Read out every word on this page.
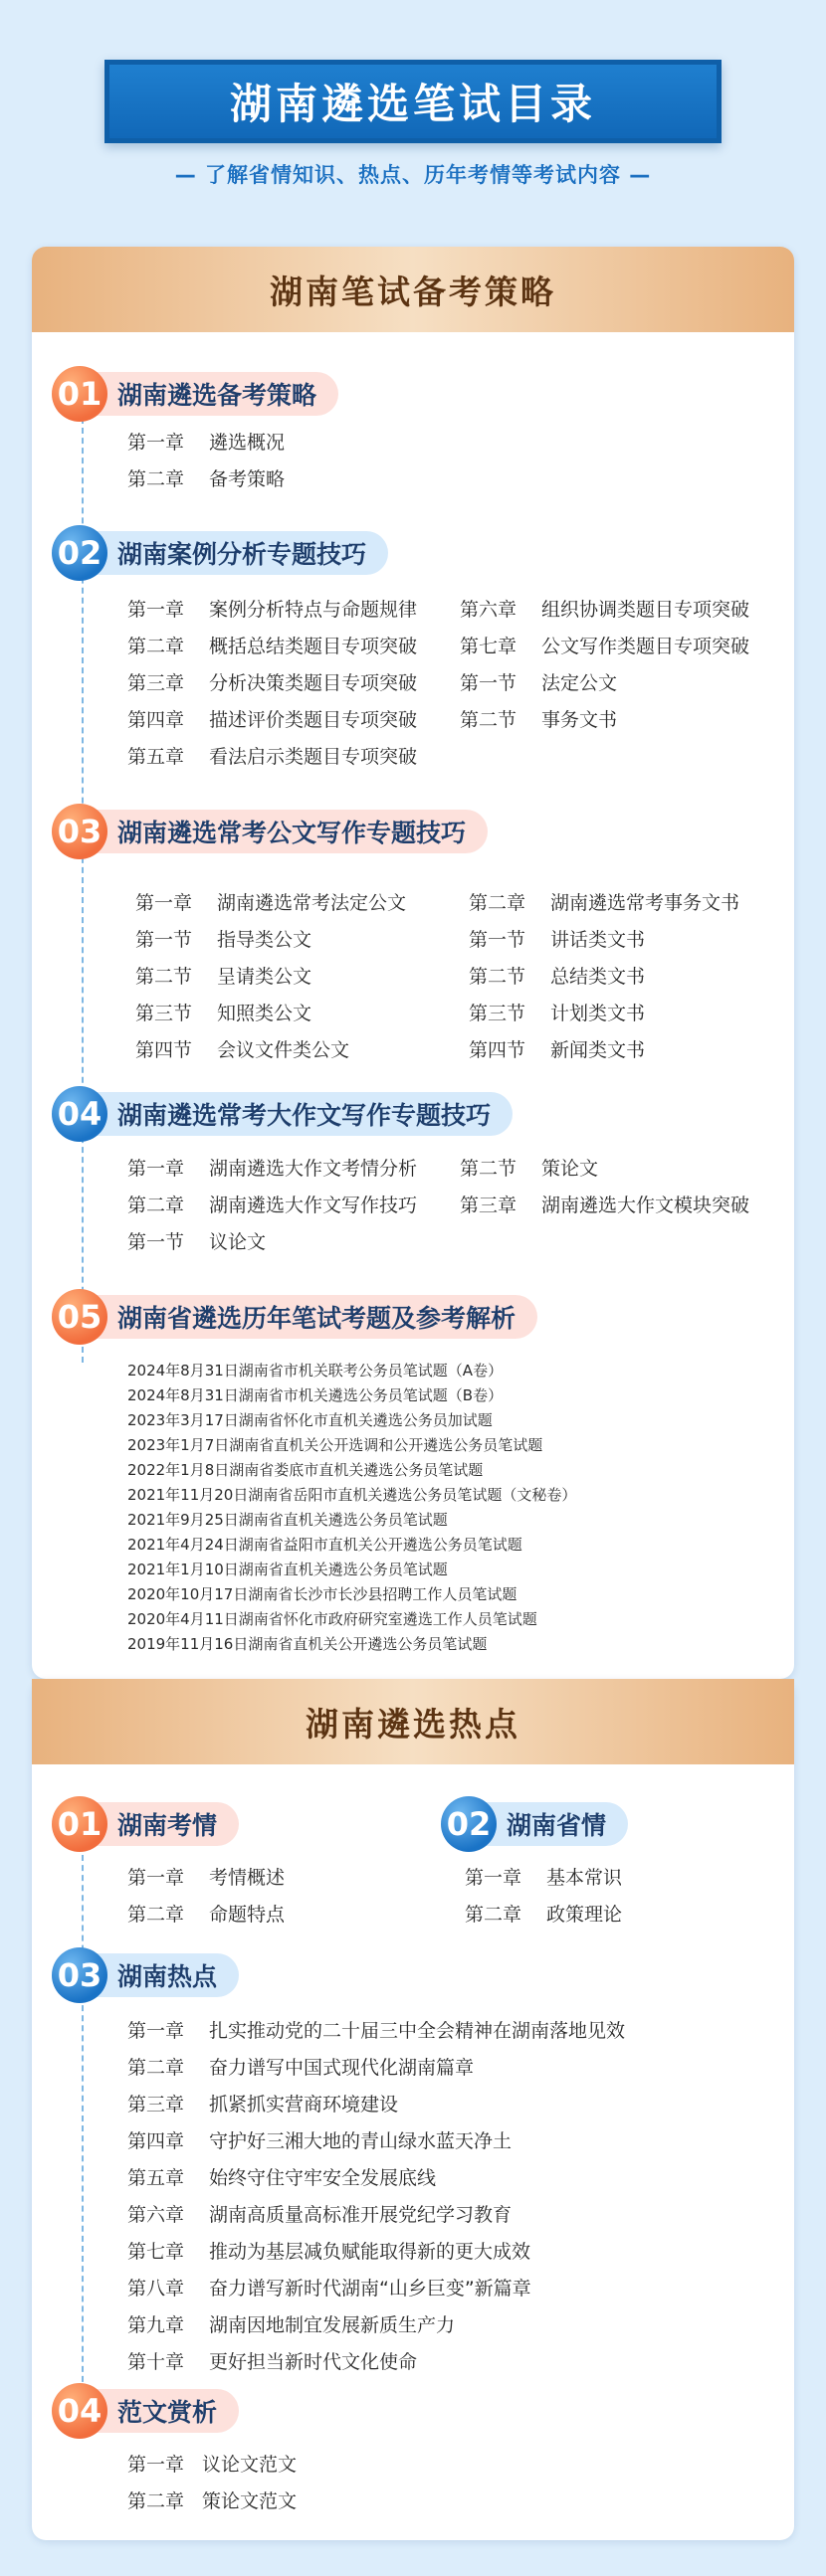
湖南遴选笔试目录
— 了解省情知识、热点、历年考情等考试内容 —
湖南笔试备考策略
湖南遴选热点
湖南遴选备考策略
01
第一章 遴选概况
第二章 备考策略
湖南案例分析专题技巧
02
第一章 案例分析特点与命题规律
第二章 概括总结类题目专项突破
第三章 分析决策类题目专项突破
第四章 描述评价类题目专项突破
第五章 看法启示类题目专项突破
第六章 组织协调类题目专项突破
第七章 公文写作类题目专项突破
第一节 法定公文
第二节 事务文书
湖南遴选常考公文写作专题技巧
03
第一章 湖南遴选常考法定公文
第一节 指导类公文
第二节 呈请类公文
第三节 知照类公文
第四节 会议文件类公文
第二章 湖南遴选常考事务文书
第一节 讲话类文书
第二节 总结类文书
第三节 计划类文书
第四节 新闻类文书
湖南遴选常考大作文写作专题技巧
04
第一章 湖南遴选大作文考情分析
第二章 湖南遴选大作文写作技巧
第一节 议论文
第二节 策论文
第三章 湖南遴选大作文模块突破
湖南省遴选历年笔试考题及参考解析
05
2024年8月31日湖南省市机关联考公务员笔试题（A卷）
2024年8月31日湖南省市机关遴选公务员笔试题（B卷）
2023年3月17日湖南省怀化市直机关遴选公务员加试题
2023年1月7日湖南省直机关公开选调和公开遴选公务员笔试题
2022年1月8日湖南省娄底市直机关遴选公务员笔试题
2021年11月20日湖南省岳阳市直机关遴选公务员笔试题（文秘卷）
2021年9月25日湖南省直机关遴选公务员笔试题
2021年4月24日湖南省益阳市直机关公开遴选公务员笔试题
2021年1月10日湖南省直机关遴选公务员笔试题
2020年10月17日湖南省长沙市长沙县招聘工作人员笔试题
2020年4月11日湖南省怀化市政府研究室遴选工作人员笔试题
2019年11月16日湖南省直机关公开遴选公务员笔试题
湖南考情
01
第一章 考情概述
第二章 命题特点
湖南省情
02
第一章 基本常识
第二章 政策理论
湖南热点
03
第一章 扎实推动党的二十届三中全会精神在湖南落地见效
第二章 奋力谱写中国式现代化湖南篇章
第三章 抓紧抓实营商环境建设
第四章 守护好三湘大地的青山绿水蓝天净土
第五章 始终守住守牢安全发展底线
第六章 湖南高质量高标准开展党纪学习教育
第七章 推动为基层减负赋能取得新的更大成效
第八章 奋力谱写新时代湖南“山乡巨变”新篇章
第九章 湖南因地制宜发展新质生产力
第十章 更好担当新时代文化使命
范文赏析
04
第一章 议论文范文
第二章 策论文范文
